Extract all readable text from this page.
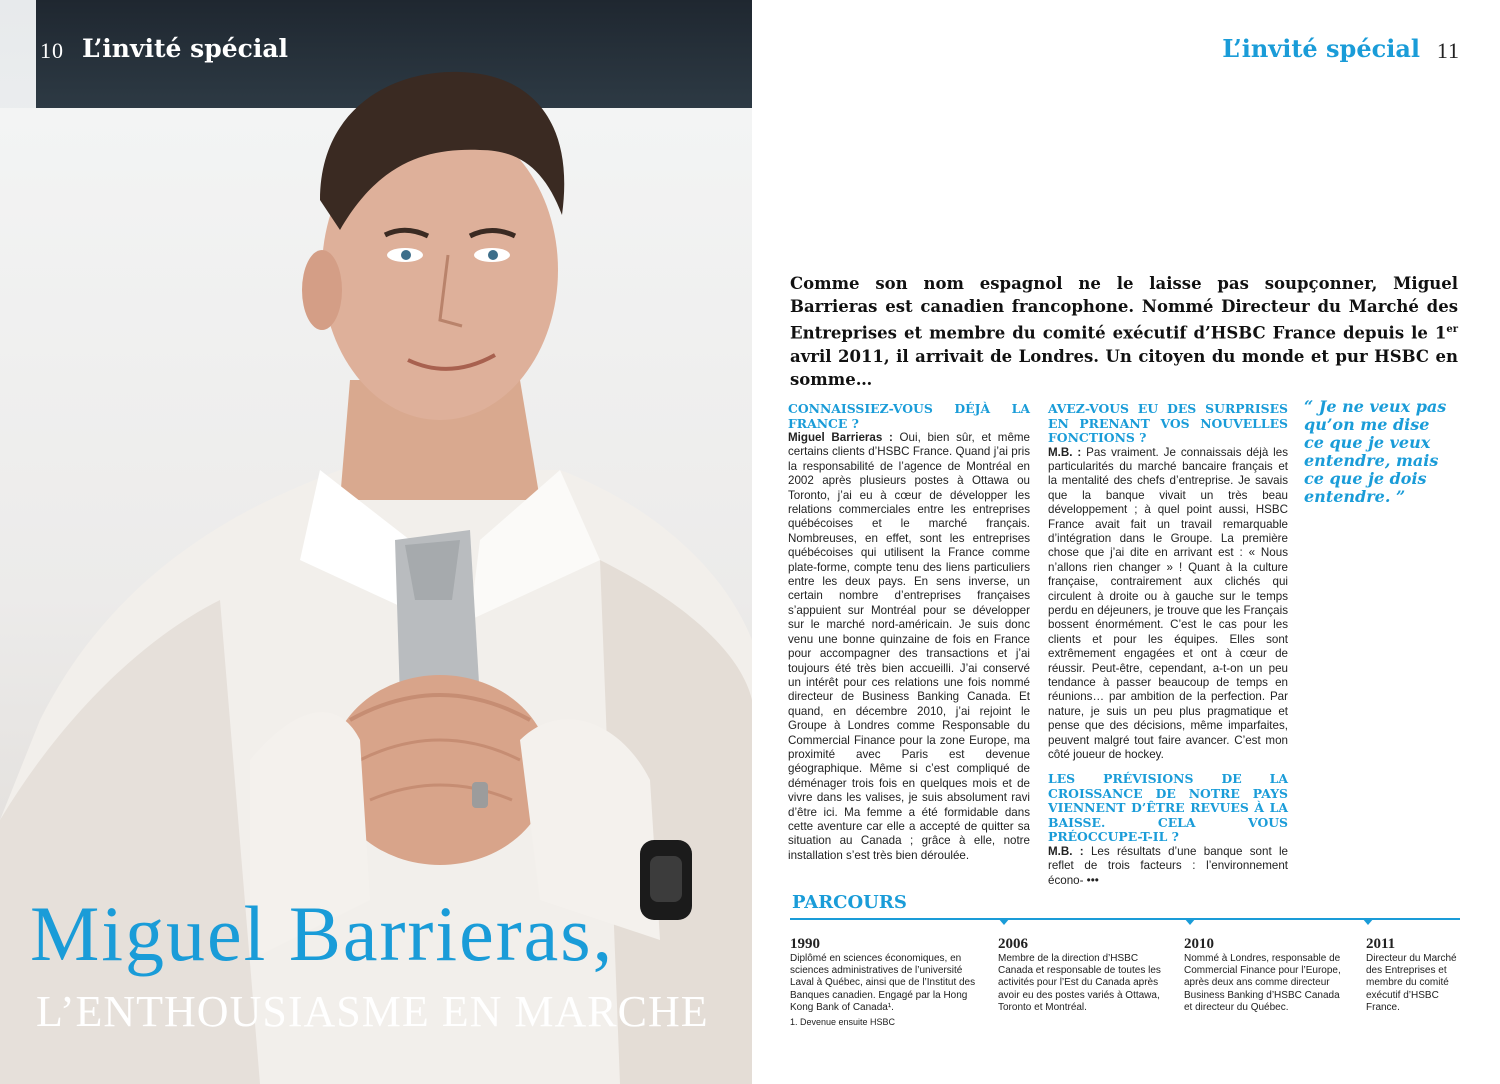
10 L’invité spécial
Miguel Barrieras,
L’ENTHOUSIASME EN MARCHE
L’invité spécial 11

Comme son nom espagnol ne le laisse pas soupçonner, Miguel Barrieras est canadien francophone. Nommé Directeur du Marché des Entreprises et membre du comité exécutif d’HSBC France depuis le 1er avril 2011, il arrivait de Londres. Un citoyen du monde et pur HSBC en somme…

CONNAISSIEZ-VOUS DÉJÀ LA FRANCE ?

Miguel Barrieras : Oui, bien sûr, et même certains clients d’HSBC France. Quand j’ai pris la responsabilité de l’agence de Montréal en 2002 après plusieurs postes à Ottawa ou Toronto, j’ai eu à cœur de développer les relations commerciales entre les entreprises québécoises et le marché français. Nombreuses, en effet, sont les entreprises québécoises qui utilisent la France comme plate-forme, compte tenu des liens particuliers entre les deux pays. En sens inverse, un certain nombre d’entreprises françaises s’appuient sur Montréal pour se développer sur le marché nord-américain. Je suis donc venu une bonne quinzaine de fois en France pour accompagner des transactions et j’ai toujours été très bien accueilli. J’ai conservé un intérêt pour ces relations une fois nommé directeur de Business Banking Canada. Et quand, en décembre 2010, j’ai rejoint le Groupe à Londres comme Responsable du Commercial Finance pour la zone Europe, ma proximité avec Paris est devenue géographique. Même si c’est compliqué de déménager trois fois en quelques mois et de vivre dans les valises, je suis absolument ravi d’être ici. Ma femme a été formidable dans cette aventure car elle a accepté de quitter sa situation au Canada ; grâce à elle, notre installation s’est très bien déroulée.

AVEZ-VOUS EU DES SURPRISES EN PRENANT VOS NOUVELLES FONCTIONS ?

M.B. : Pas vraiment. Je connaissais déjà les particularités du marché bancaire français et la mentalité des chefs d’entreprise. Je savais que la banque vivait un très beau développement ; à quel point aussi, HSBC France avait fait un travail remarquable d’intégration dans le Groupe. La première chose que j’ai dite en arrivant est : « Nous n’allons rien changer » ! Quant à la culture française, contrairement aux clichés qui circulent à droite ou à gauche sur le temps perdu en déjeuners, je trouve que les Français bossent énormément. C’est le cas pour les clients et pour les équipes. Elles sont extrêmement engagées et ont à cœur de réussir. Peut-être, cependant, a-t-on un peu tendance à passer beaucoup de temps en réunions… par ambition de la perfection. Par nature, je suis un peu plus pragmatique et pense que des décisions, même imparfaites, peuvent malgré tout faire avancer. C’est mon côté joueur de hockey.

LES PRÉVISIONS DE LA CROISSANCE DE NOTRE PAYS VIENNENT D’ÊTRE REVUES À LA BAISSE. CELA VOUS PRÉOCCUPE-T-IL ?

M.B. : Les résultats d’une banque sont le reflet de trois facteurs : l’environnement écono- •••

“ Je ne veux pas qu’on me dise ce que je veux entendre, mais ce que je dois entendre. ”
PARCOURS
1990
Diplômé en sciences économiques, en sciences administratives de l’université Laval à Québec, ainsi que de l’Institut des Banques canadien. Engagé par la Hong Kong Bank of Canada¹.
1. Devenue ensuite HSBC
2006
Membre de la direction d’HSBC Canada et responsable de toutes les activités pour l’Est du Canada après avoir eu des postes variés à Ottawa, Toronto et Montréal.
2010
Nommé à Londres, responsable de Commercial Finance pour l’Europe, après deux ans comme directeur Business Banking d’HSBC Canada et directeur du Québec.
2011
Directeur du Marché des Entreprises et membre du comité exécutif d’HSBC France.
